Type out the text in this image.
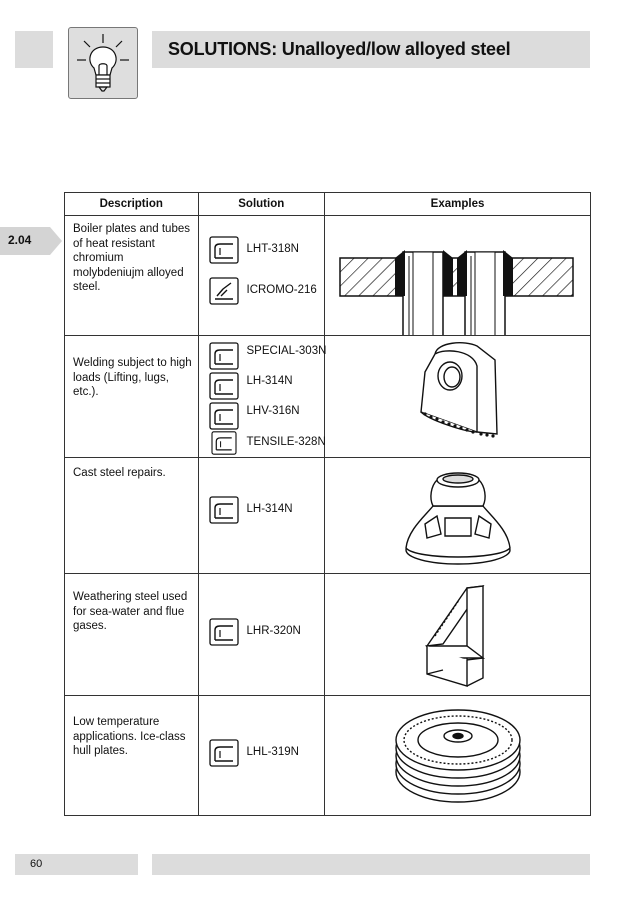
SOLUTIONS: Unalloyed/low alloyed steel
2.04
Description	Solution	Examples

Boiler plates and tubes of heat resistant chromium molybdeniujm alloyed steel.	LHT-318N
ICROMO-216

Welding subject to high loads (Lifting, lugs, etc.).	SPECIAL-303N
LH-314N
LHV-316N
TENSILE-328N

Cast steel repairs.	LH-314N

Weathering steel used for sea-water and flue gases.	LHR-320N

Low temperature applications. Ice-class hull plates.	LHL-319N

60
